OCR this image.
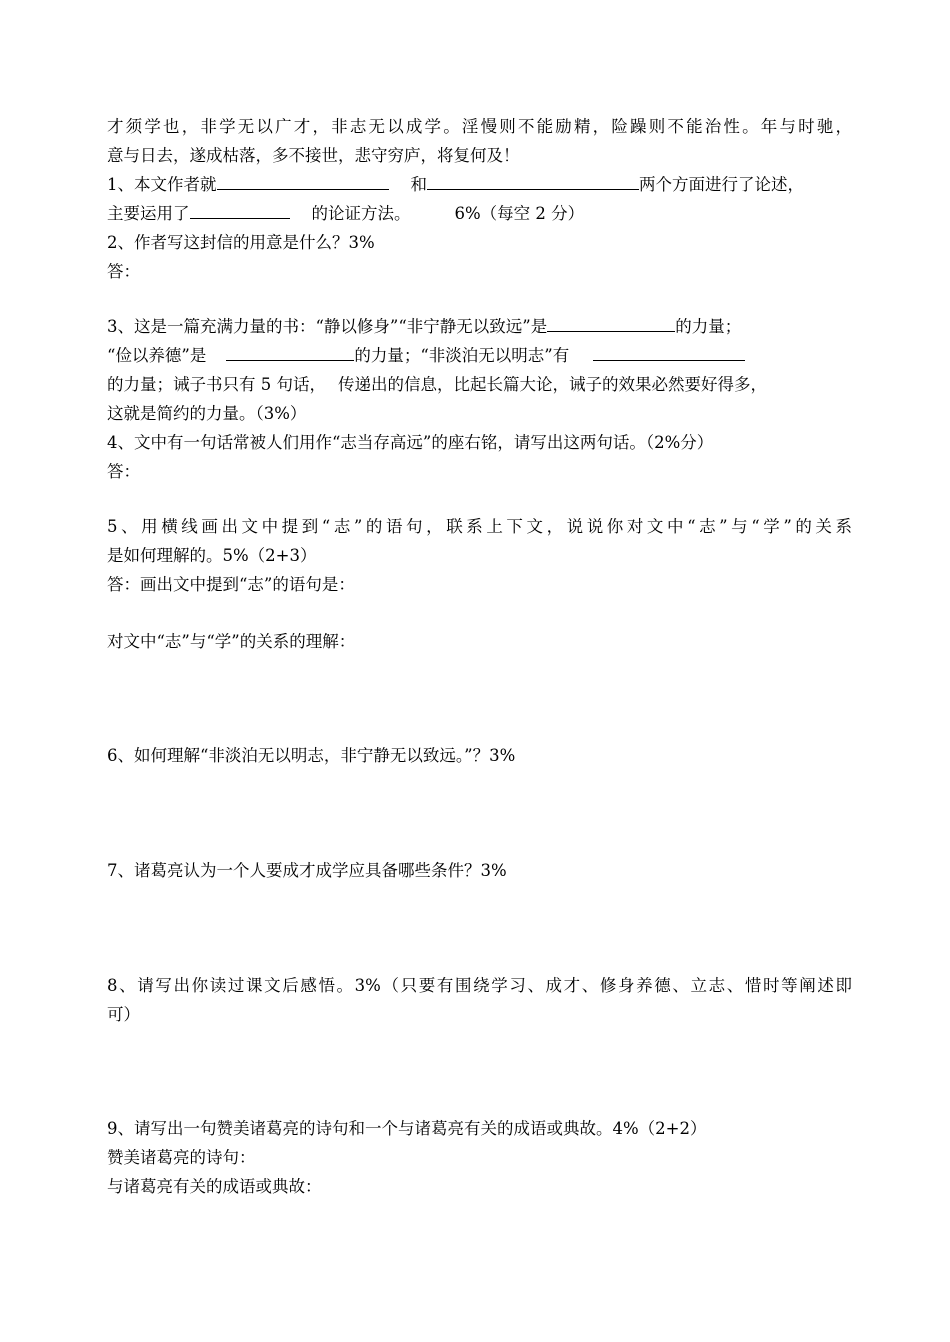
才须学也，非学无以广才，非志无以成学。淫慢则不能励精，险躁则不能治性。年与时驰，
意与日去，遂成枯落，多不接世，悲守穷庐，将复何及！
1、本文作者就	和	两个方面进行了论述，
主要运用了	的论证方法。	6%（每空 2 分）
2、作者写这封信的用意是什么？3%
答：
3、这是一篇充满力量的书：“静以修身”“非宁静无以致远”是	的力量；
“俭以养德”是	的力量；“非淡泊无以明志”有
的力量；诫子书只有 5 句话， 传递出的信息，比起长篇大论，诫子的效果必然要好得多，
这就是简约的力量。（3%）
4、文中有一句话常被人们用作“志当存高远”的座右铭，请写出这两句话。（2%分）
答：
5、用横线画出文中提到“志”的语句，联系上下文，说说你对文中“志”与“学”的关系
是如何理解的。5%（2+3）
答：画出文中提到“志”的语句是：
对文中“志”与“学”的关系的理解：
6、如何理解“非淡泊无以明志，非宁静无以致远。”？3%
7、诸葛亮认为一个人要成才成学应具备哪些条件？3%
8、请写出你读过课文后感悟。3%（只要有围绕学习、成才、修身养德、立志、惜时等阐述即
可）
9、请写出一句赞美诸葛亮的诗句和一个与诸葛亮有关的成语或典故。4%（2+2）
赞美诸葛亮的诗句：
与诸葛亮有关的成语或典故：
